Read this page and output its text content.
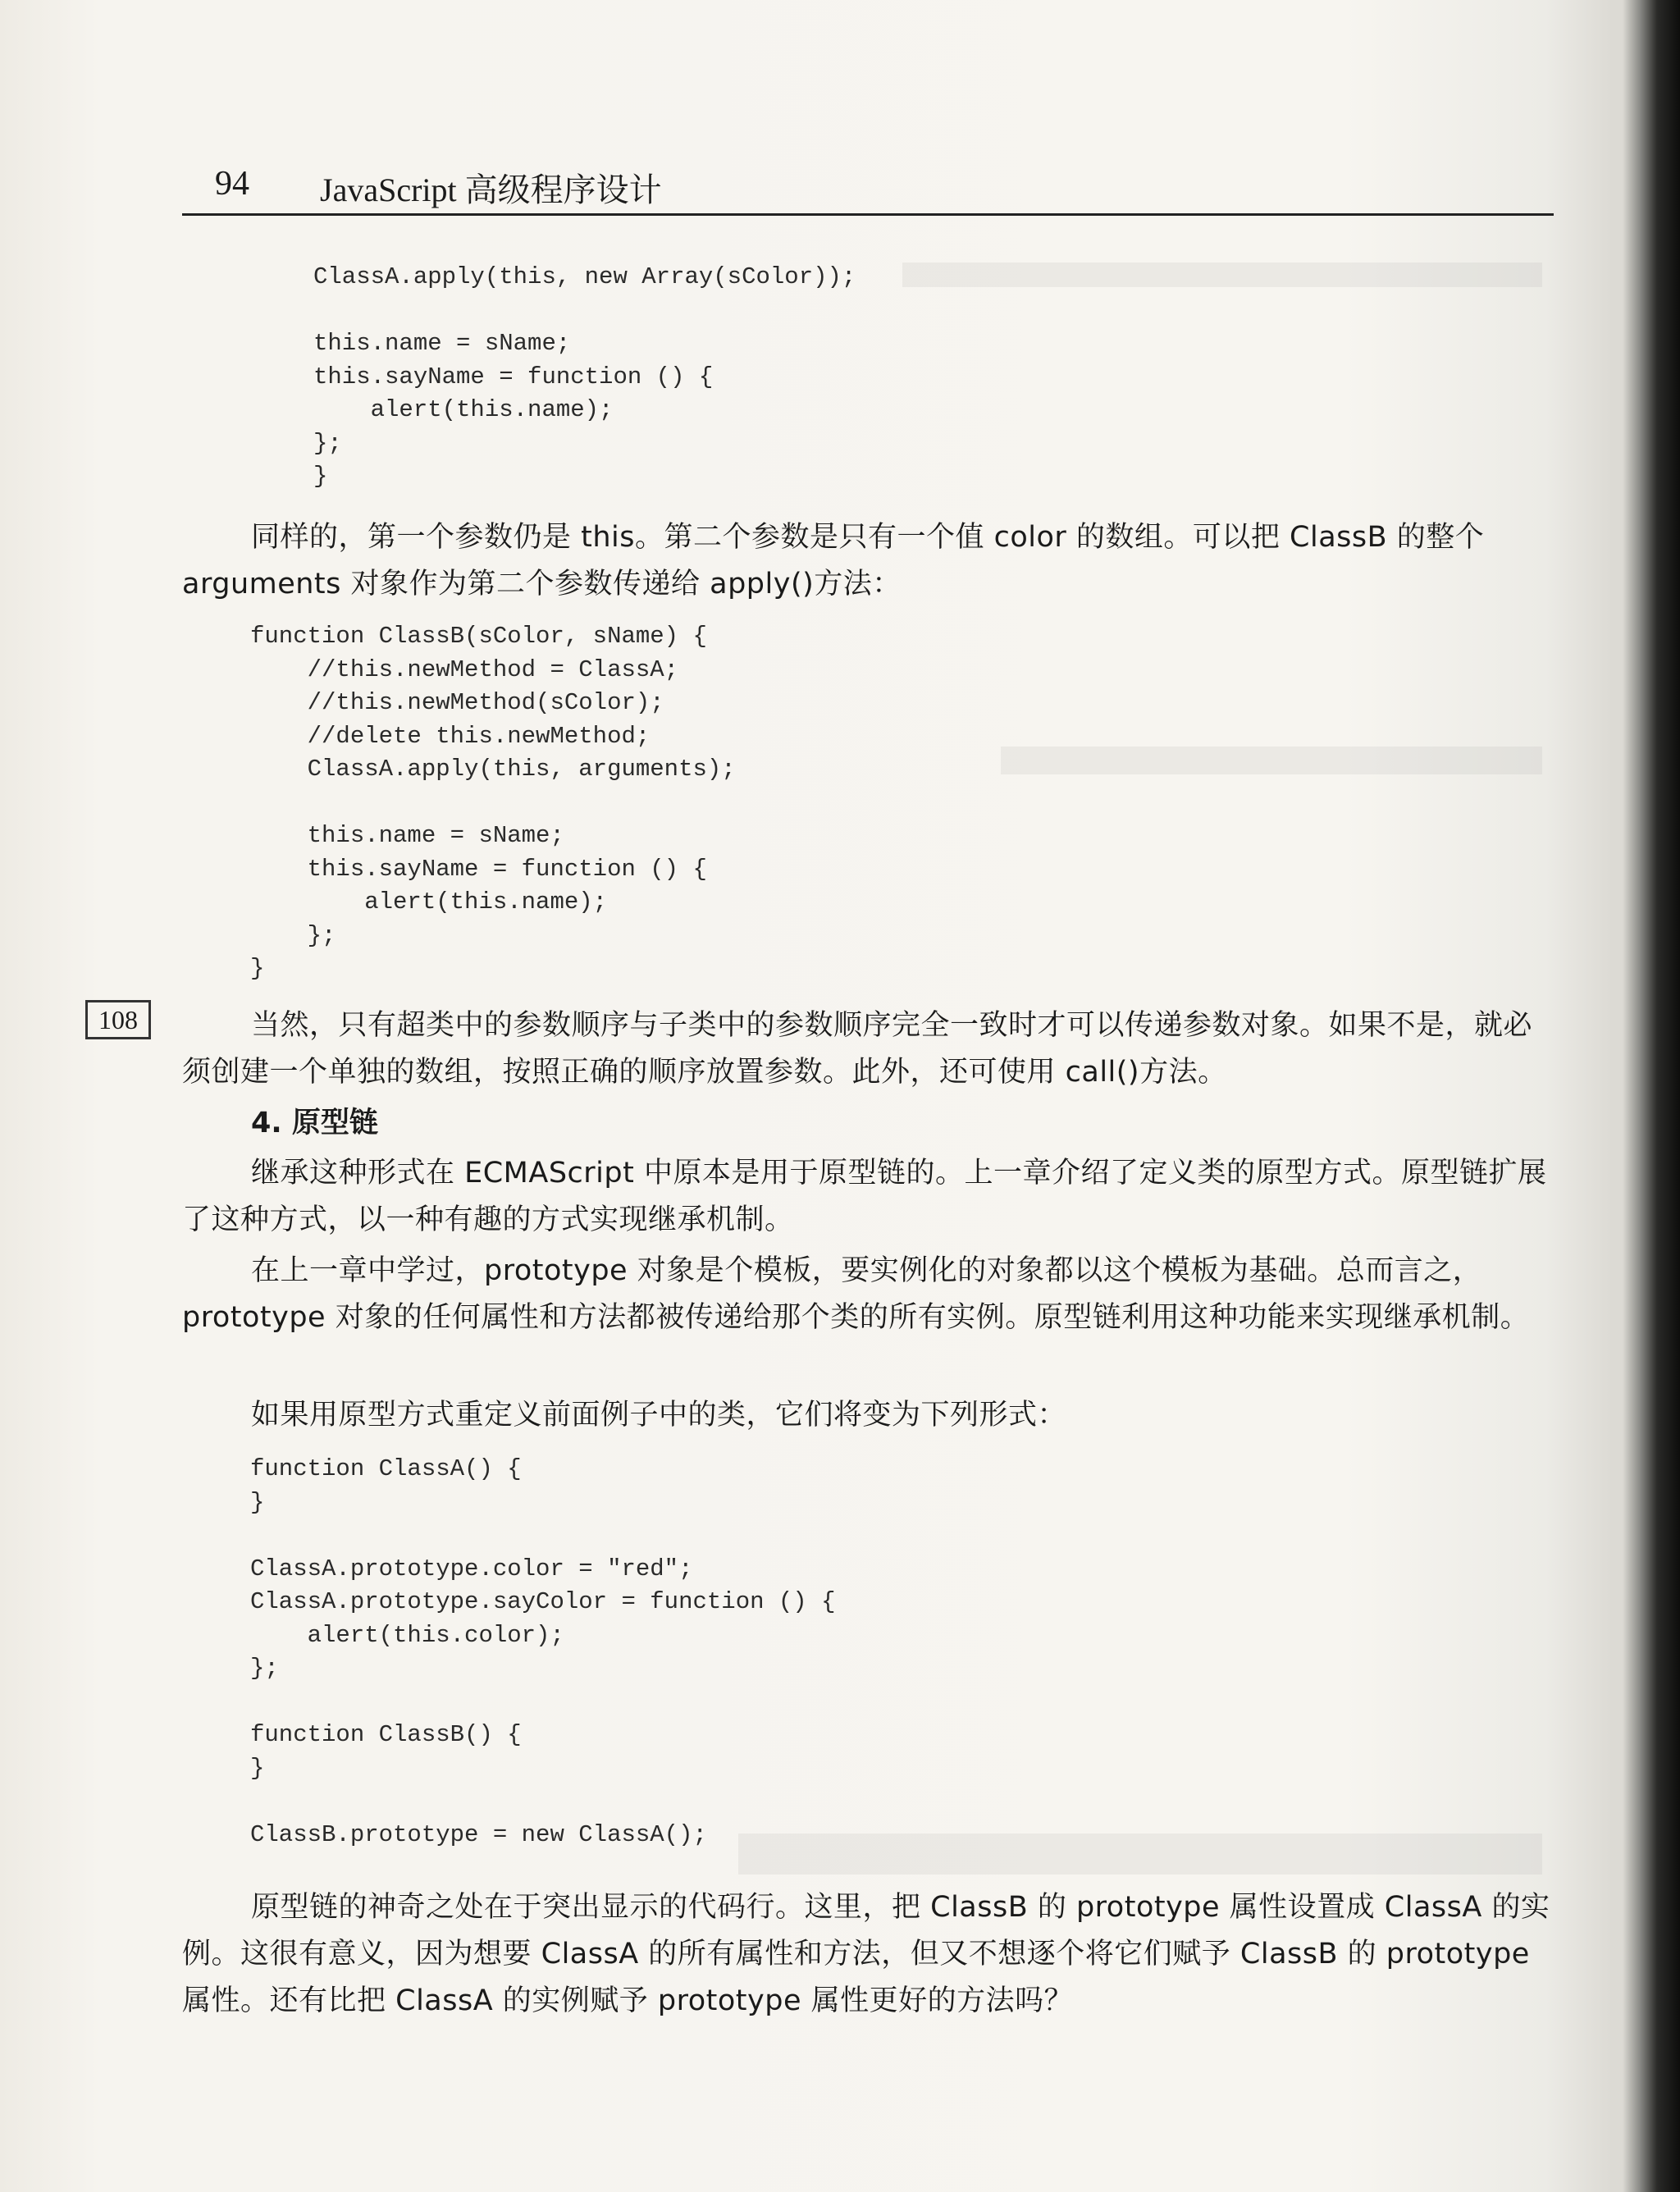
94 JavaScript 高级程序设计
ClassA.apply(this, new Array(sColor));

this.name = sName;
this.sayName = function () {
alert(this.name);
};
}

同样的，第一个参数仍是 this。第二个参数是只有一个值 color 的数组。可以把 ClassB 的整个 arguments 对象作为第二个参数传递给 apply()方法：

function ClassB(sColor, sName) {
//this.newMethod = ClassA;
//this.newMethod(sColor);
//delete this.newMethod;
ClassA.apply(this, arguments);

this.name = sName;
this.sayName = function () {
alert(this.name);
};
}
108	当然，只有超类中的参数顺序与子类中的参数顺序完全一致时才可以传递参数对象。如果不是，就必须创建一个单独的数组，按照正确的顺序放置参数。此外，还可使用 call()方法。

4. 原型链

继承这种形式在 ECMAScript 中原本是用于原型链的。上一章介绍了定义类的原型方式。原型链扩展了这种方式，以一种有趣的方式实现继承机制。

在上一章中学过，prototype 对象是个模板，要实例化的对象都以这个模板为基础。总而言之，prototype 对象的任何属性和方法都被传递给那个类的所有实例。原型链利用这种功能来实现继承机制。

如果用原型方式重定义前面例子中的类，它们将变为下列形式：

function ClassA() {
}

ClassA.prototype.color = "red";
ClassA.prototype.sayColor = function () {
alert(this.color);
};

function ClassB() {
}

ClassB.prototype = new ClassA();

原型链的神奇之处在于突出显示的代码行。这里，把 ClassB 的 prototype 属性设置成 ClassA 的实例。这很有意义，因为想要 ClassA 的所有属性和方法，但又不想逐个将它们赋予 ClassB 的 prototype 属性。还有比把 ClassA 的实例赋予 prototype 属性更好的方法吗？
